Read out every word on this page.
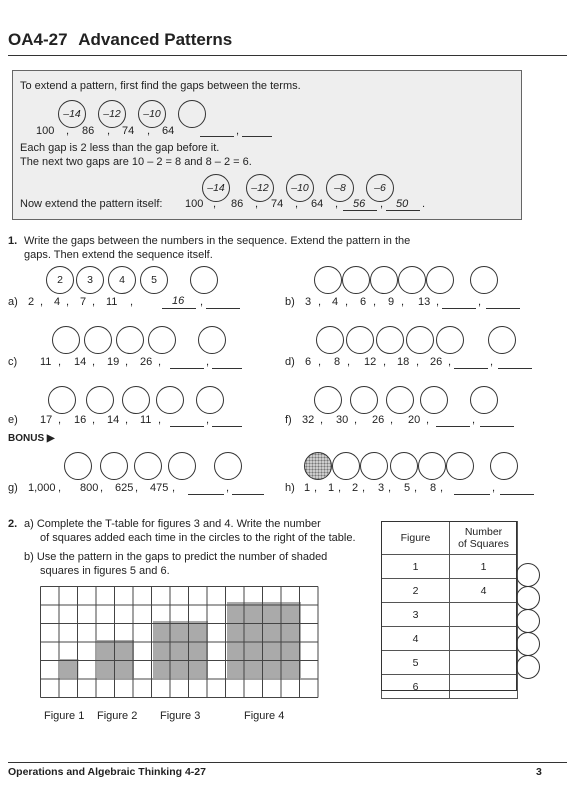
OA4-27 Advanced Patterns
To extend a pattern, first find the gaps between the terms.
–14	–12	–10
100 , 86 , 74 , 64	,
Each gap is 2 less than the gap before it.
The next two gaps are 10 – 2 = 8 and 8 – 2 = 6.
–14	–12	–10	–8	–6
Now extend the pattern itself: 100 , 86 , 74 , 64 , 56 , 50 .
1. Write the gaps between the numbers in the sequence. Extend the pattern in the
gaps. Then extend the sequence itself.
2	3	4	5
a) 2 , 4 , 7 , 11 ,	16 ,	b) 3 , 4 , 6 , 9 , 13 ,	,
c) 11 , 14 , 19 , 26 ,	,	d) 6 , 8 , 12 , 18 , 26 ,	,
e) 17 , 16 , 14 , 11 ,	,	f) 32 , 30 , 26 , 20 ,	,
BONUS ▶
g) 1,000 , 800 , 625 , 475 ,	,	h) 1 , 1 , 2 , 3 , 5 , 8 ,	,
2. a) Complete the T-table for figures 3 and 4. Write the number
of squares added each time in the circles to the right of the table.
b) Use the pattern in the gaps to predict the number of shaded
squares in figures 5 and 6.
Figure 1 Figure 2 Figure 3	Figure 4
Figure	Number
of Squares

1	1
2	4
3	
4	
5	
6	
Operations and Algebraic Thinking 4-27	3
